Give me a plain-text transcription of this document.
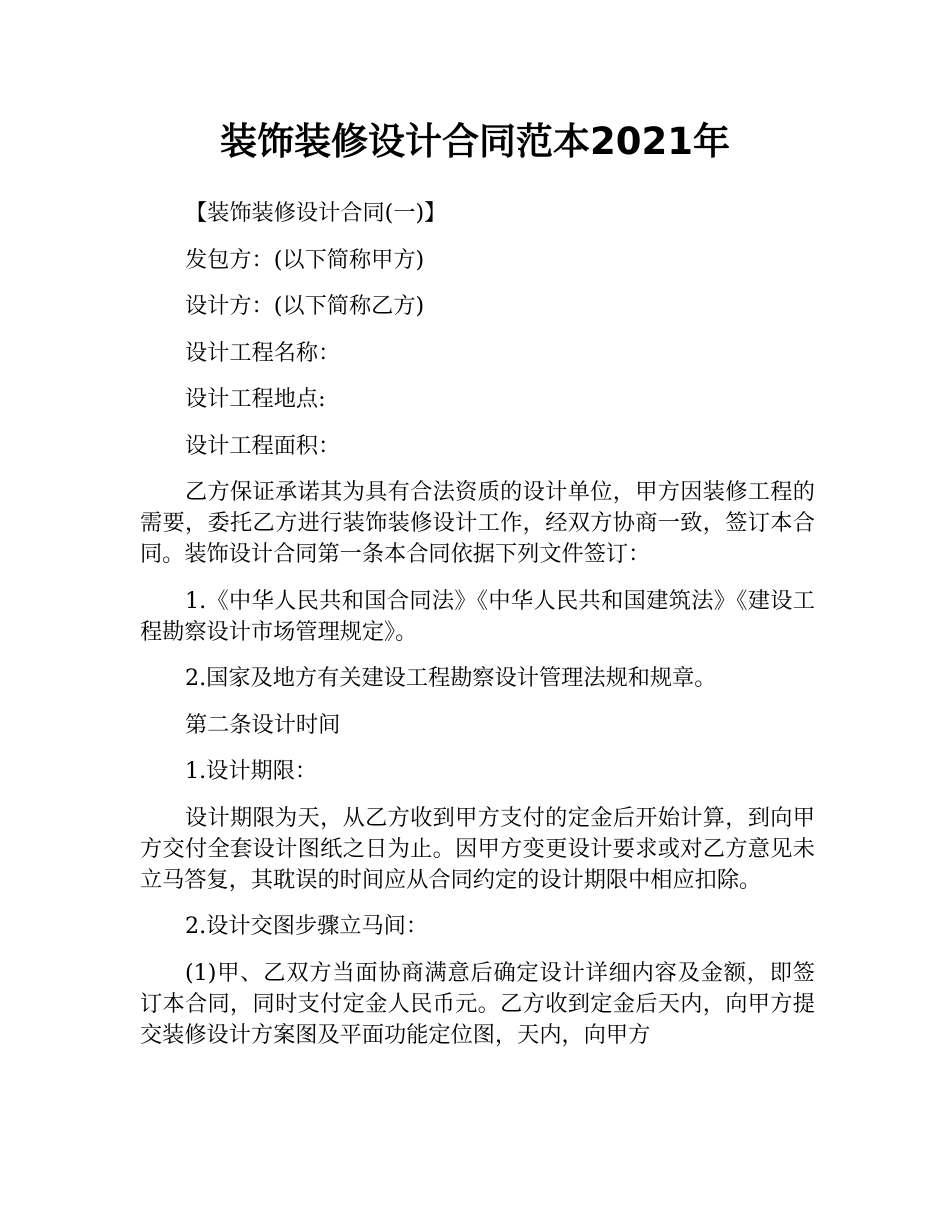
装饰装修设计合同范本2021年

【装饰装修设计合同(一)】

发包方：(以下简称甲方)

设计方：(以下简称乙方)

设计工程名称：

设计工程地点:

设计工程面积：

乙方保证承诺其为具有合法资质的设计单位，甲方因装修工程的需要，委托乙方进行装饰装修设计工作，经双方协商一致，签订本合同。装饰设计合同第一条本合同依据下列文件签订：

1.《中华人民共和国合同法》《中华人民共和国建筑法》《建设工程勘察设计市场管理规定》。

2.国家及地方有关建设工程勘察设计管理法规和规章。

第二条设计时间

1.设计期限：

设计期限为天，从乙方收到甲方支付的定金后开始计算，到向甲方交付全套设计图纸之日为止。因甲方变更设计要求或对乙方意见未立马答复，其耽误的时间应从合同约定的设计期限中相应扣除。

2.设计交图步骤立马间：

(1)甲、乙双方当面协商满意后确定设计详细内容及金额，即签订本合同，同时支付定金人民币元。乙方收到定金后天内，向甲方提交装修设计方案图及平面功能定位图，天内，向甲方
